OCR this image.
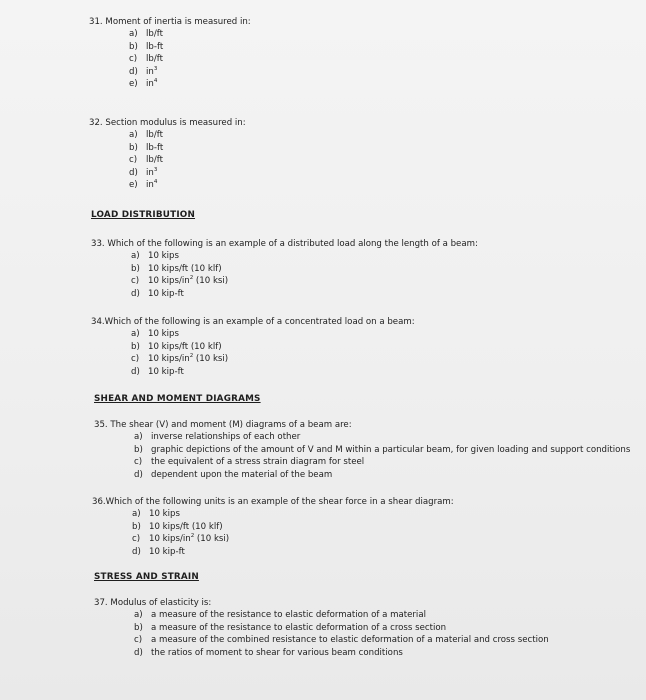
31. Moment of inertia is measured in:
a) lb/ft
b) lb-ft
c) lb/ft
d) $in^3$
e) $in^4$
32. Section modulus is measured in:
a) lb/ft
b) lb-ft
c) lb/ft
d) $in^3$
e) $in^4$
LOAD DISTRIBUTION
33. Which of the following is an example of a distributed load along the length of a beam:
a) 10 kips
b) 10 kips/ft (10 klf)
c) 10 kips/$in^2$ (10 ksi)
d) 10 kip-ft
34.Which of the following is an example of a concentrated load on a beam:
a) 10 kips
b) 10 kips/ft (10 klf)
c) 10 kips/$in^2$ (10 ksi)
d) 10 kip-ft
SHEAR AND MOMENT DIAGRAMS
35. The shear (V) and moment (M) diagrams of a beam are:
a) inverse relationships of each other
b) graphic depictions of the amount of V and M within a particular beam, for given loading and support conditions
c) the equivalent of a stress strain diagram for steel
d) dependent upon the material of the beam
36.Which of the following units is an example of the shear force in a shear diagram:
a) 10 kips
b) 10 kips/ft (10 klf)
c) 10 kips/$in^2$ (10 ksi)
d) 10 kip-ft
STRESS AND STRAIN
37. Modulus of elasticity is:
a) a measure of the resistance to elastic deformation of a material
b) a measure of the resistance to elastic deformation of a cross section
c) a measure of the combined resistance to elastic deformation of a material and cross section
d) the ratios of moment to shear for various beam conditions
